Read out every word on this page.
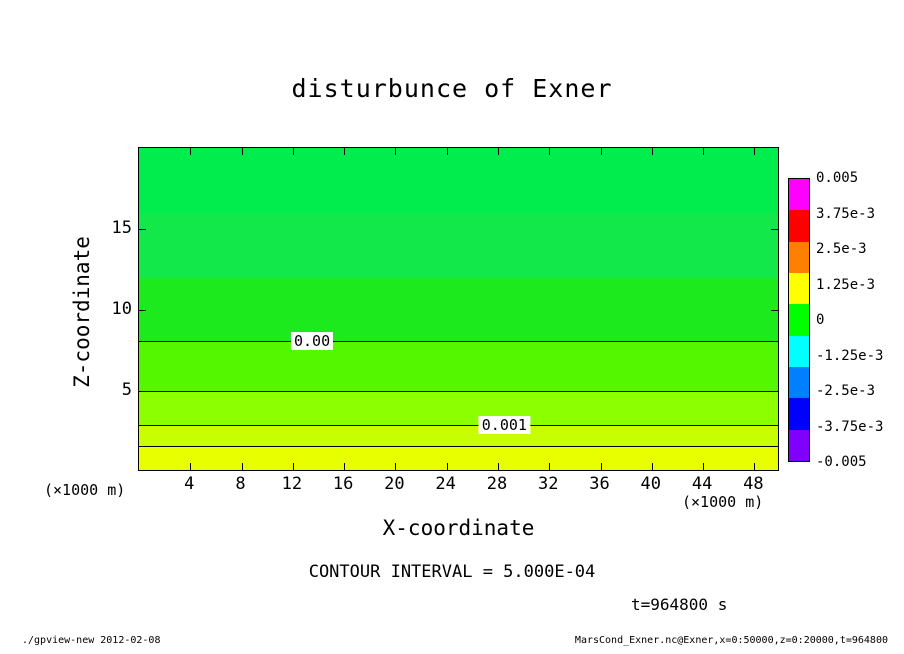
disturbunce of Exner
0.00
0.001
X-coordinate
Z-coordinate
(×1000 m)
(×1000 m)
CONTOUR INTERVAL = 5.000E-04
t=964800 s
./gpview-new 2012-02-08	MarsCond_Exner.nc@Exner,x=0:50000,z=0:20000,t=964800
4 8 12 16 20 24 28 32 36 40 44 48
5
10
15
0.005
3.75e-3
2.5e-3
1.25e-3
0
-1.25e-3
-2.5e-3
-3.75e-3
-0.005
